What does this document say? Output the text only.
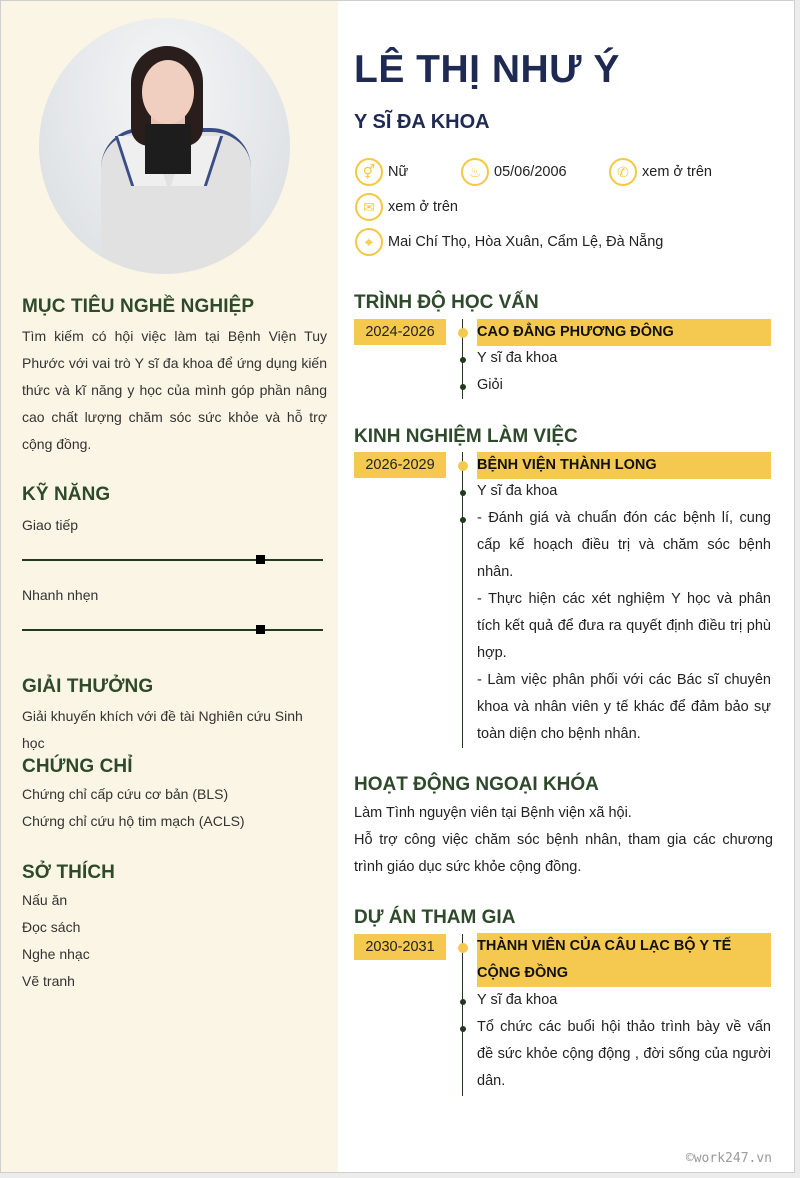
MỤC TIÊU NGHỀ NGHIỆP

Tìm kiếm có hội việc làm tại Bệnh Viện Tuy Phước với vai trò Y sĩ đa khoa để ứng dụng kiến thức và kĩ năng y học của mình góp phần nâng cao chất lượng chăm sóc sức khỏe và hỗ trợ cộng đồng.

KỸ NĂNG
Giao tiếp
Nhanh nhẹn
GIẢI THƯỞNG
Giải khuyến khích với đề tài Nghiên cứu Sinh học
CHỨNG CHỈ
Chứng chỉ cấp cứu cơ bản (BLS)
Chứng chỉ cứu hộ tim mạch (ACLS)
SỞ THÍCH
Nấu ăn
Đọc sách
Nghe nhạc
Vẽ tranh
LÊ THỊ NHƯ Ý
Y SĨ ĐA KHOA
⚥ Nữ	♨ 05/06/2006	✆ xem ở trên
✉ xem ở trên
⌖	Mai Chí Thọ, Hòa Xuân, Cẩm Lệ, Đà Nẵng
TRÌNH ĐỘ HỌC VẤN
2024-2026	CAO ĐẲNG PHƯƠNG ĐÔNG
Y sĩ đa khoa
Giỏi
KINH NGHIỆM LÀM VIỆC
2026-2029	BỆNH VIỆN THÀNH LONG
Y sĩ đa khoa
- Đánh giá và chuẩn đón các bệnh lí, cung cấp kế hoạch điều trị và chăm sóc bệnh nhân.
- Thực hiện các xét nghiệm Y học và phân tích kết quả để đưa ra quyết định điều trị phù hợp.
- Làm việc phân phối với các Bác sĩ chuyên khoa và nhân viên y tế khác để đảm bảo sự toàn diện cho bệnh nhân.
HOẠT ĐỘNG NGOẠI KHÓA
Làm Tình nguyện viên tại Bệnh viện xã hội.
Hỗ trợ công việc chăm sóc bệnh nhân, tham gia các chương trình giáo dục sức khỏe cộng đồng.
DỰ ÁN THAM GIA
2030-2031	THÀNH VIÊN CỦA CÂU LẠC BỘ Y TẾ CỘNG ĐỒNG
Y sĩ đa khoa
Tổ chức các buổi hội thảo trình bày về vấn đề sức khỏe cộng động , đời sống của người dân.
©work247.vn
